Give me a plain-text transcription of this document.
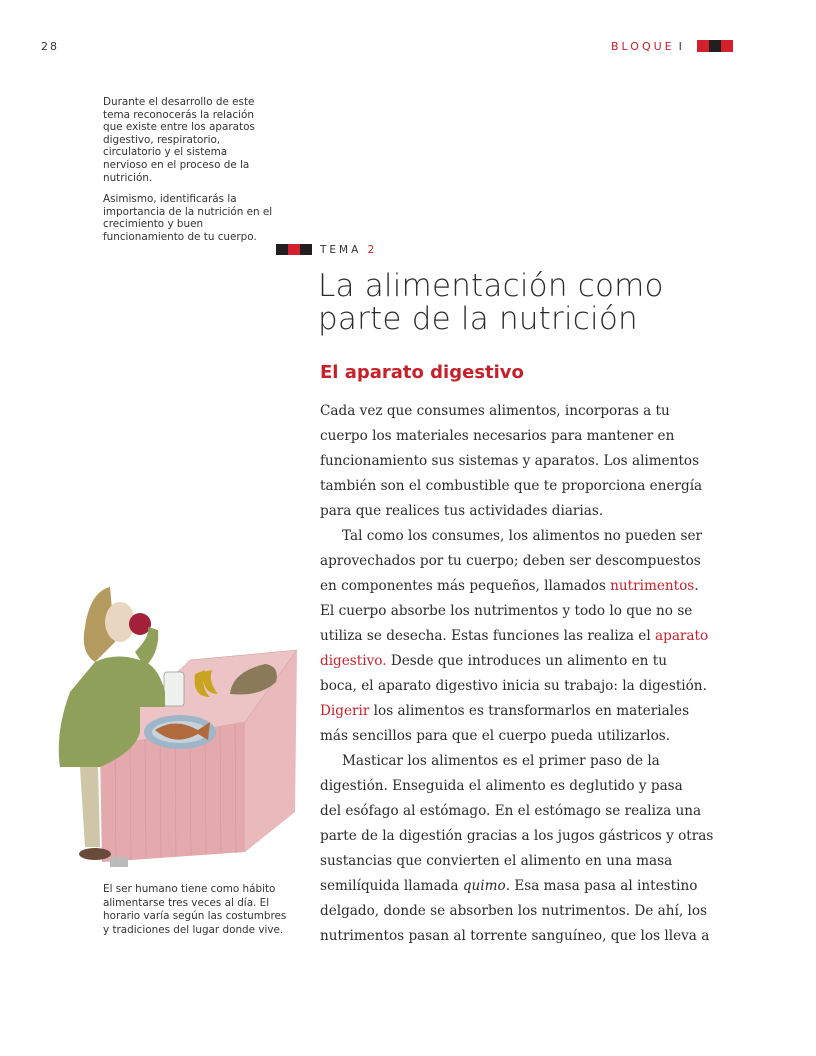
28	BLOQUE I

Durante el desarrollo de este tema reconocerás la relación que existe entre los aparatos digestivo, respiratorio, circulatorio y el sistema nervioso en el proceso de la nutrición.

Asimismo, identificarás la importancia de la nutrición en el crecimiento y buen funcionamiento de tu cuerpo.

TEMA 2
La alimentación como
parte de la nutrición
El aparato digestivo
Cada vez que consumes alimentos, incorporas a tu
cuerpo los materiales necesarios para mantener en
funcionamiento sus sistemas y aparatos. Los alimentos
también son el combustible que te proporciona energía
para que realices tus actividades diarias.
Tal como los consumes, los alimentos no pueden ser
aprovechados por tu cuerpo; deben ser descompuestos
en componentes más pequeños, llamados nutrimentos.
El cuerpo absorbe los nutrimentos y todo lo que no se
utiliza se desecha. Estas funciones las realiza el aparato
digestivo. Desde que introduces un alimento en tu
boca, el aparato digestivo inicia su trabajo: la digestión.
Digerir los alimentos es transformarlos en materiales
más sencillos para que el cuerpo pueda utilizarlos.
Masticar los alimentos es el primer paso de la
digestión. Enseguida el alimento es deglutido y pasa
del esófago al estómago. En el estómago se realiza una
parte de la digestión gracias a los jugos gástricos y otras
sustancias que convierten el alimento en una masa
semilíquida llamada quimo. Esa masa pasa al intestino
delgado, donde se absorben los nutrimentos. De ahí, los
nutrimentos pasan al torrente sanguíneo, que los lleva a
El ser humano tiene como hábito alimentarse tres veces al día. El horario varía según las costumbres y tradiciones del lugar donde vive.
